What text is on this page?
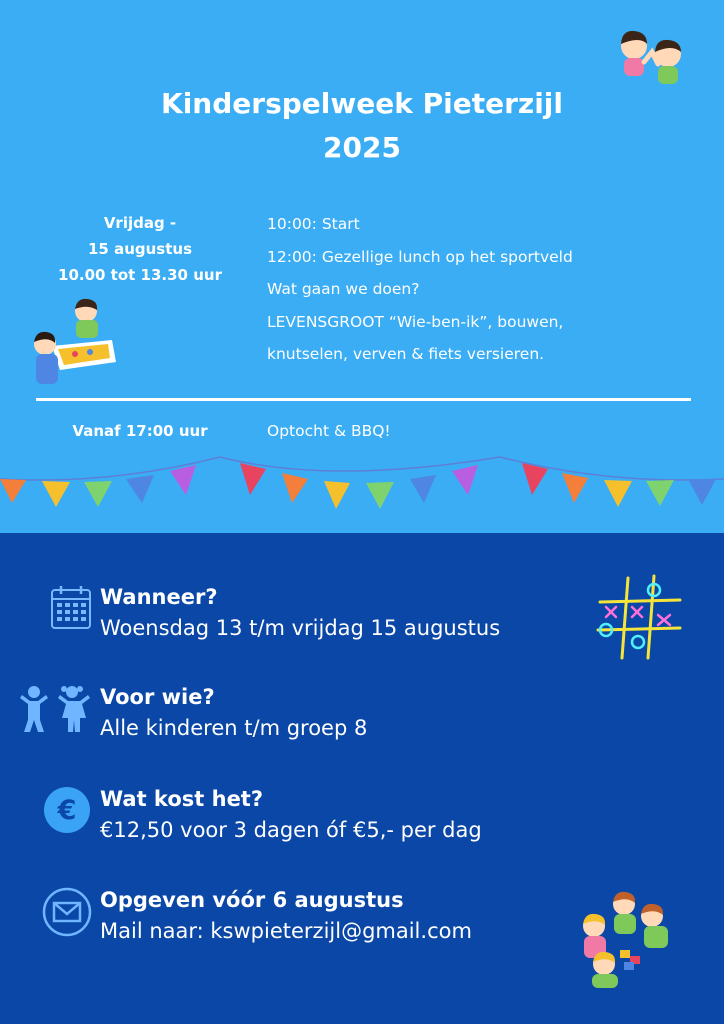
Kinderspelweek Pieterzijl
2025
Vrijdag -
15 augustus
10.00 tot 13.30 uur
10:00: Start
12:00: Gezellige lunch op het sportveld
Wat gaan we doen?
LEVENSGROOT “Wie-ben-ik”, bouwen,
knutselen, verven & fiets versieren.
Vanaf 17:00 uur	Optocht & BBQ!
Wanneer?
Woensdag 13 t/m vrijdag 15 augustus
Voor wie?
Alle kinderen t/m groep 8
€ Wat kost het?
€12,50 voor 3 dagen óf €5,- per dag
Opgeven vóór 6 augustus
Mail naar: kswpieterzijl@gmail.com
